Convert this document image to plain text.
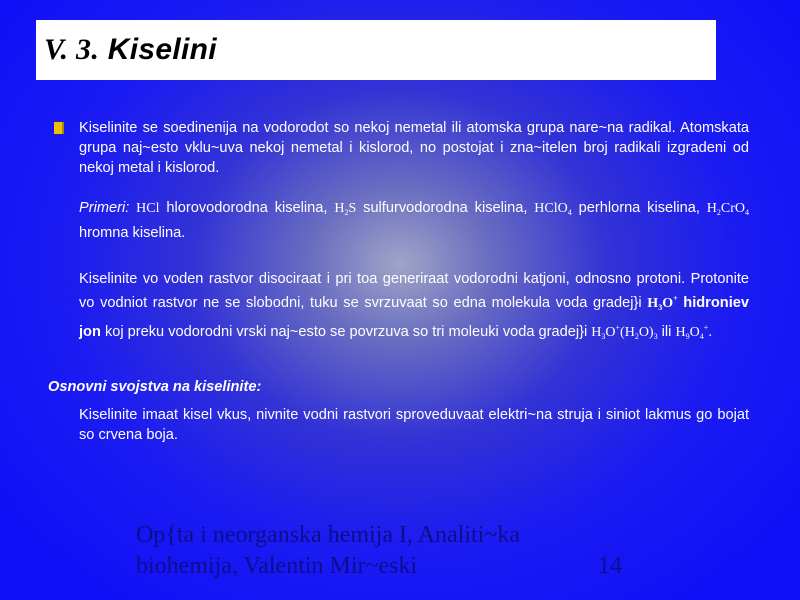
V. 3. Kiselini
Kiselinite se soedinenija na vodorodot so nekoj nemetal ili atomska grupa nare~na radikal. Atomskata grupa naj~esto vklu~uva nekoj nemetal i kislorod, no postojat i zna~itelen broj radikali izgradeni od nekoj metal i kislorod.
Primeri: HCl hlorovodorodna kiselina, $H_2S$ sulfurvodorodna kiselina, HClO$_4$ perhlorna kiselina, $H_2CrO_4$ hromna kiselina.
Kiselinite vo voden rastvor disociraat i pri toa generiraat vodorodni katjoni, odnosno protoni. Protonite vo vodniot rastvor ne se slobodni, tuku se svrzuvaat so edna molekula voda gradej}i $H_3O^+$ hidroniev jon koj preku vodorodni vrski naj~esto se povrzuva so tri moleuki voda gradej}i $H_3O^+(H_2O)_3$ ili $H_9O_4^+$.
Osnovni svojstva na kiselinite:
Kiselinite imaat kisel vkus, nivnite vodni rastvori sproveduvaat elektri~na struja i siniot lakmus go bojat so crvena boja.
Op{ta i neorganska hemija I, Analiti~ka
biohemija, Valentin Mir~eski	14
